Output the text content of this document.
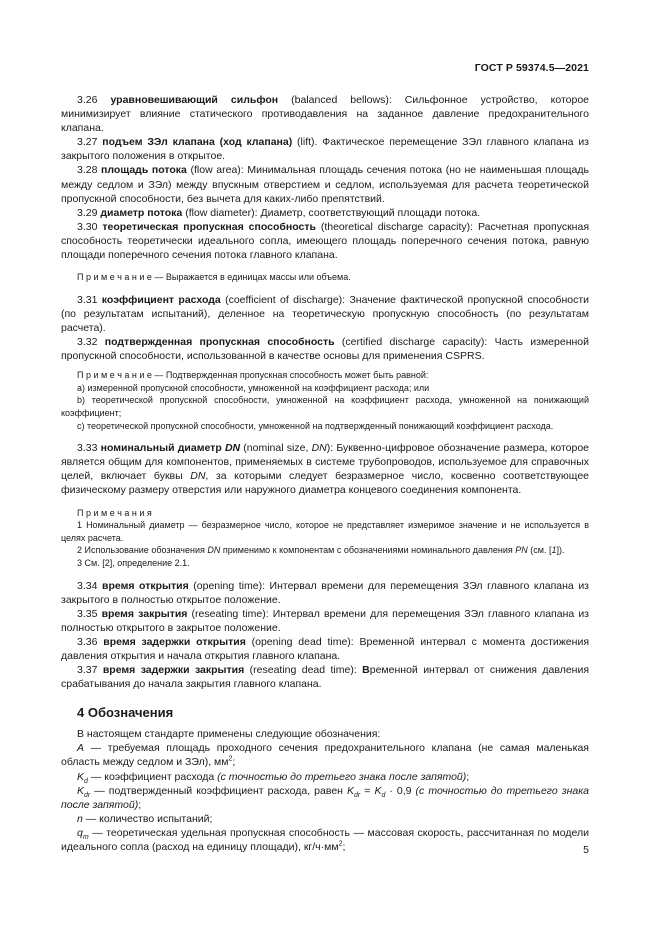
ГОСТ Р 59374.5—2021

3.26 уравновешивающий сильфон (balanced bellows): Сильфонное устройство, которое минимизирует влияние статического противодавления на заданное давление предохранительного клапана.

3.27 подъем ЗЭл клапана (ход клапана) (lift). Фактическое перемещение ЗЭл главного клапана из закрытого положения в открытое.

3.28 площадь потока (flow area): Минимальная площадь сечения потока (но не наименьшая площадь между седлом и ЗЭл) между впускным отверстием и седлом, используемая для расчета теоретической пропускной способности, без вычета для каких-либо препятствий.

3.29 диаметр потока (flow diameter): Диаметр, соответствующий площади потока.

3.30 теоретическая пропускная способность (theoretical discharge capacity): Расчетная пропускная способность теоретически идеального сопла, имеющего площадь поперечного сечения потока, равную площади поперечного сечения потока главного клапана.

П р и м е ч а н и е — Выражается в единицах массы или объема.

3.31 коэффициент расхода (coefficient of discharge): Значение фактической пропускной способности (по результатам испытаний), деленное на теоретическую пропускную способность (по результатам расчета).

3.32 подтвержденная пропускная способность (certified discharge capacity): Часть измеренной пропускной способности, использованной в качестве основы для применения CSPRS.

П р и м е ч а н и е — Подтвержденная пропускная способность может быть равной:

а) измеренной пропускной способности, умноженной на коэффициент расхода; или

b) теоретической пропускной способности, умноженной на коэффициент расхода, умноженной на понижающий коэффициент;

c) теоретической пропускной способности, умноженной на подтвержденный понижающий коэффициент расхода.

3.33 номинальный диаметр DN (nominal size, DN): Буквенно-цифровое обозначение размера, которое является общим для компонентов, применяемых в системе трубопроводов, используемое для справочных целей, включает буквы DN, за которыми следует безразмерное число, косвенно соответствующее физическому размеру отверстия или наружного диаметра концевого соединения компонента.

П р и м е ч а н и я

1 Номинальный диаметр — безразмерное число, которое не представляет измеримое значение и не используется в целях расчета.

2 Использование обозначения DN применимо к компонентам с обозначениями номинального давления PN (см. [1]).

3 См. [2], определение 2.1.

3.34 время открытия (opening time): Интервал времени для перемещения ЗЭл главного клапана из закрытого в полностью открытое положение.

3.35 время закрытия (reseating time): Интервал времени для перемещения ЗЭл главного клапана из полностью открытого в закрытое положение.

3.36 время задержки открытия (opening dead time): Временной интервал с момента достижения давления открытия и начала открытия главного клапана.

3.37 время задержки закрытия (reseating dead time): Временной интервал от снижения давления срабатывания до начала закрытия главного клапана.

4 Обозначения

В настоящем стандарте применены следующие обозначения:

A — требуемая площадь проходного сечения предохранительного клапана (не самая маленькая область между седлом и ЗЭл), $мм^2$;

$K_d$ — коэффициент расхода (с точностью до третьего знака после запятой);

$K_{dr}$ — подтвержденный коэффициент расхода, равен $K_{dr} = K_d \cdot 0,9$ (с точностью до третьего знака после запятой);

n — количество испытаний;

$q_m$ — теоретическая удельная пропускная способность — массовая скорость, рассчитанная по модели идеального сопла (расход на единицу площади), $кг/ч\cdot мм^2$;	5
